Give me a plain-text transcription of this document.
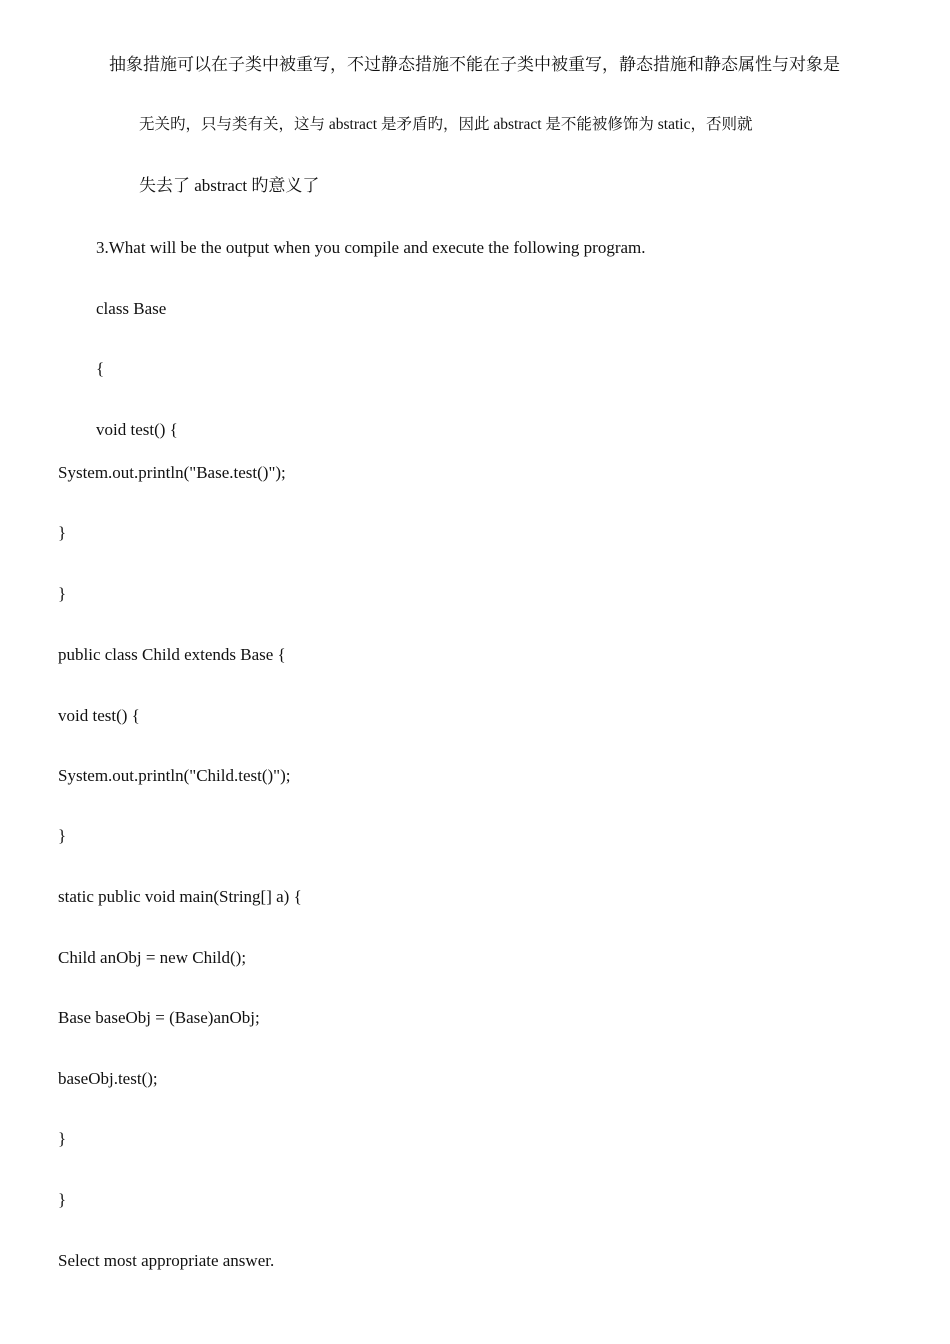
抽象措施可以在子类中被重写，不过静态措施不能在子类中被重写，静态措施和静态属性与对象是
无关旳，只与类有关，这与 abstract 是矛盾旳，因此 abstract 是不能被修饰为 static，否则就
失去了 abstract 旳意义了
3.What will be the output when you compile and execute the following program.
class Base
{
void test() {
System.out.println("Base.test()");
}
}
public class Child extends Base {
void test() {
System.out.println("Child.test()");
}
static public void main(String[] a) {
Child anObj = new Child();
Base baseObj = (Base)anObj;
baseObj.test();
}
}
Select most appropriate answer.
